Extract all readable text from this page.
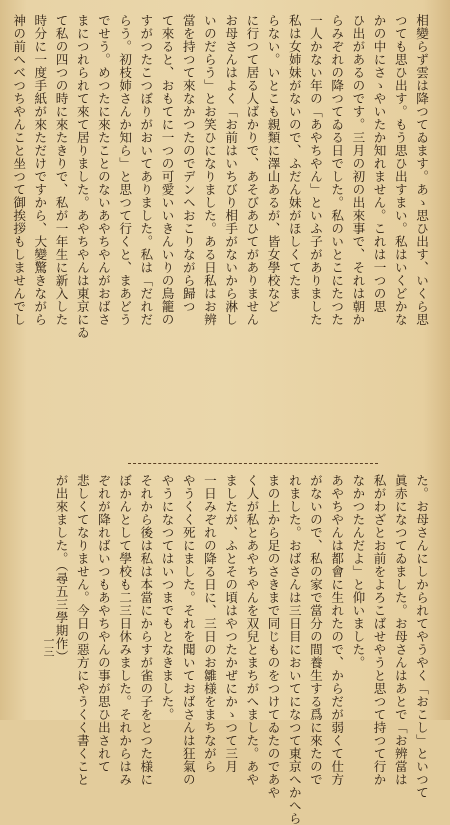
相變らず雲は降つてゐます。あゝ思ひ出す、いくら思
つても思ひ出す。もう思ひ出すまい。私はいくどかな
かの中にさゝやいたか知れません。これは一つの思
ひ出があるのです。三月の初の出來事で、それは朝か
らみぞれの降つてゐる日でした。私のいとこにたつた
一人かない年の「あやちやん」といふ子がありました
私は女姉妹がないので、ふだん妹がほしくてたま
らない。いとこも親類に澤山あるが、皆女學校など
に行つて居る人ばかりで、あそびあひてがありません
お母さんはよく「お前はいちびり相手がないから淋し
いのだらう」とお笑ひになりました。ある日私はお辨
當を持つて來なかつたのでデンヘおこりながら歸つ
て來ると、おもてに一つの可愛いいきんいりの鳥籠の
すがつたこつぼりがおいてありました。私は「だれだ
らう。初枝姉さんか知ら」と思つて行くと、まあどう
でせう。めつたに來たことのないあやちやんがおばさ
まにつれられて來て居りました。あやちやんは東京にゐ
て私の四つの時に來たきりで、私が一年生に新入した
時分に一度手紙が來ただけですから、大變驚きながら
神の前へべつちやんこと坐つて御挨拶もしませんでし
た。お母さんにしかられてやうやく「おこし」といつて
眞赤になつてゐました。お母さんはあとで「お辨當は
私がわざとお前をよろこばせやうと思つて持つて行か
なかつたんだよ」と仰いました。
あやちやんは都會に生れたので、からだが弱くて仕方
がないので、私の家で當分の間養生する爲に來たので
れました。おばさんは三日目においてになつて東京へかへら
まの上から足のさきまで同じものをつけてゐたのであや
く人が私とあやちやんを双兒とまちがへました。あや
ましたが、ふとその頃はやつたかぜにかゝつて三月
一日みぞれの降る日に、三日のお雛様をまちながら
やうくく死にました。それを聞いておばさんは狂氣の
やうになつてはいつまでもとなきました。
それから後は私は本當にからすが雀の子をとつた様に
ぼかんとして學校も二三日休みました。それからはみ
ぞれが降ればいつもあやちやんの事が思ひ出されて
悲しくてなりません。今日の惡方にやうくく書くこと
が出來ました。（尋五三學期作）
一三
